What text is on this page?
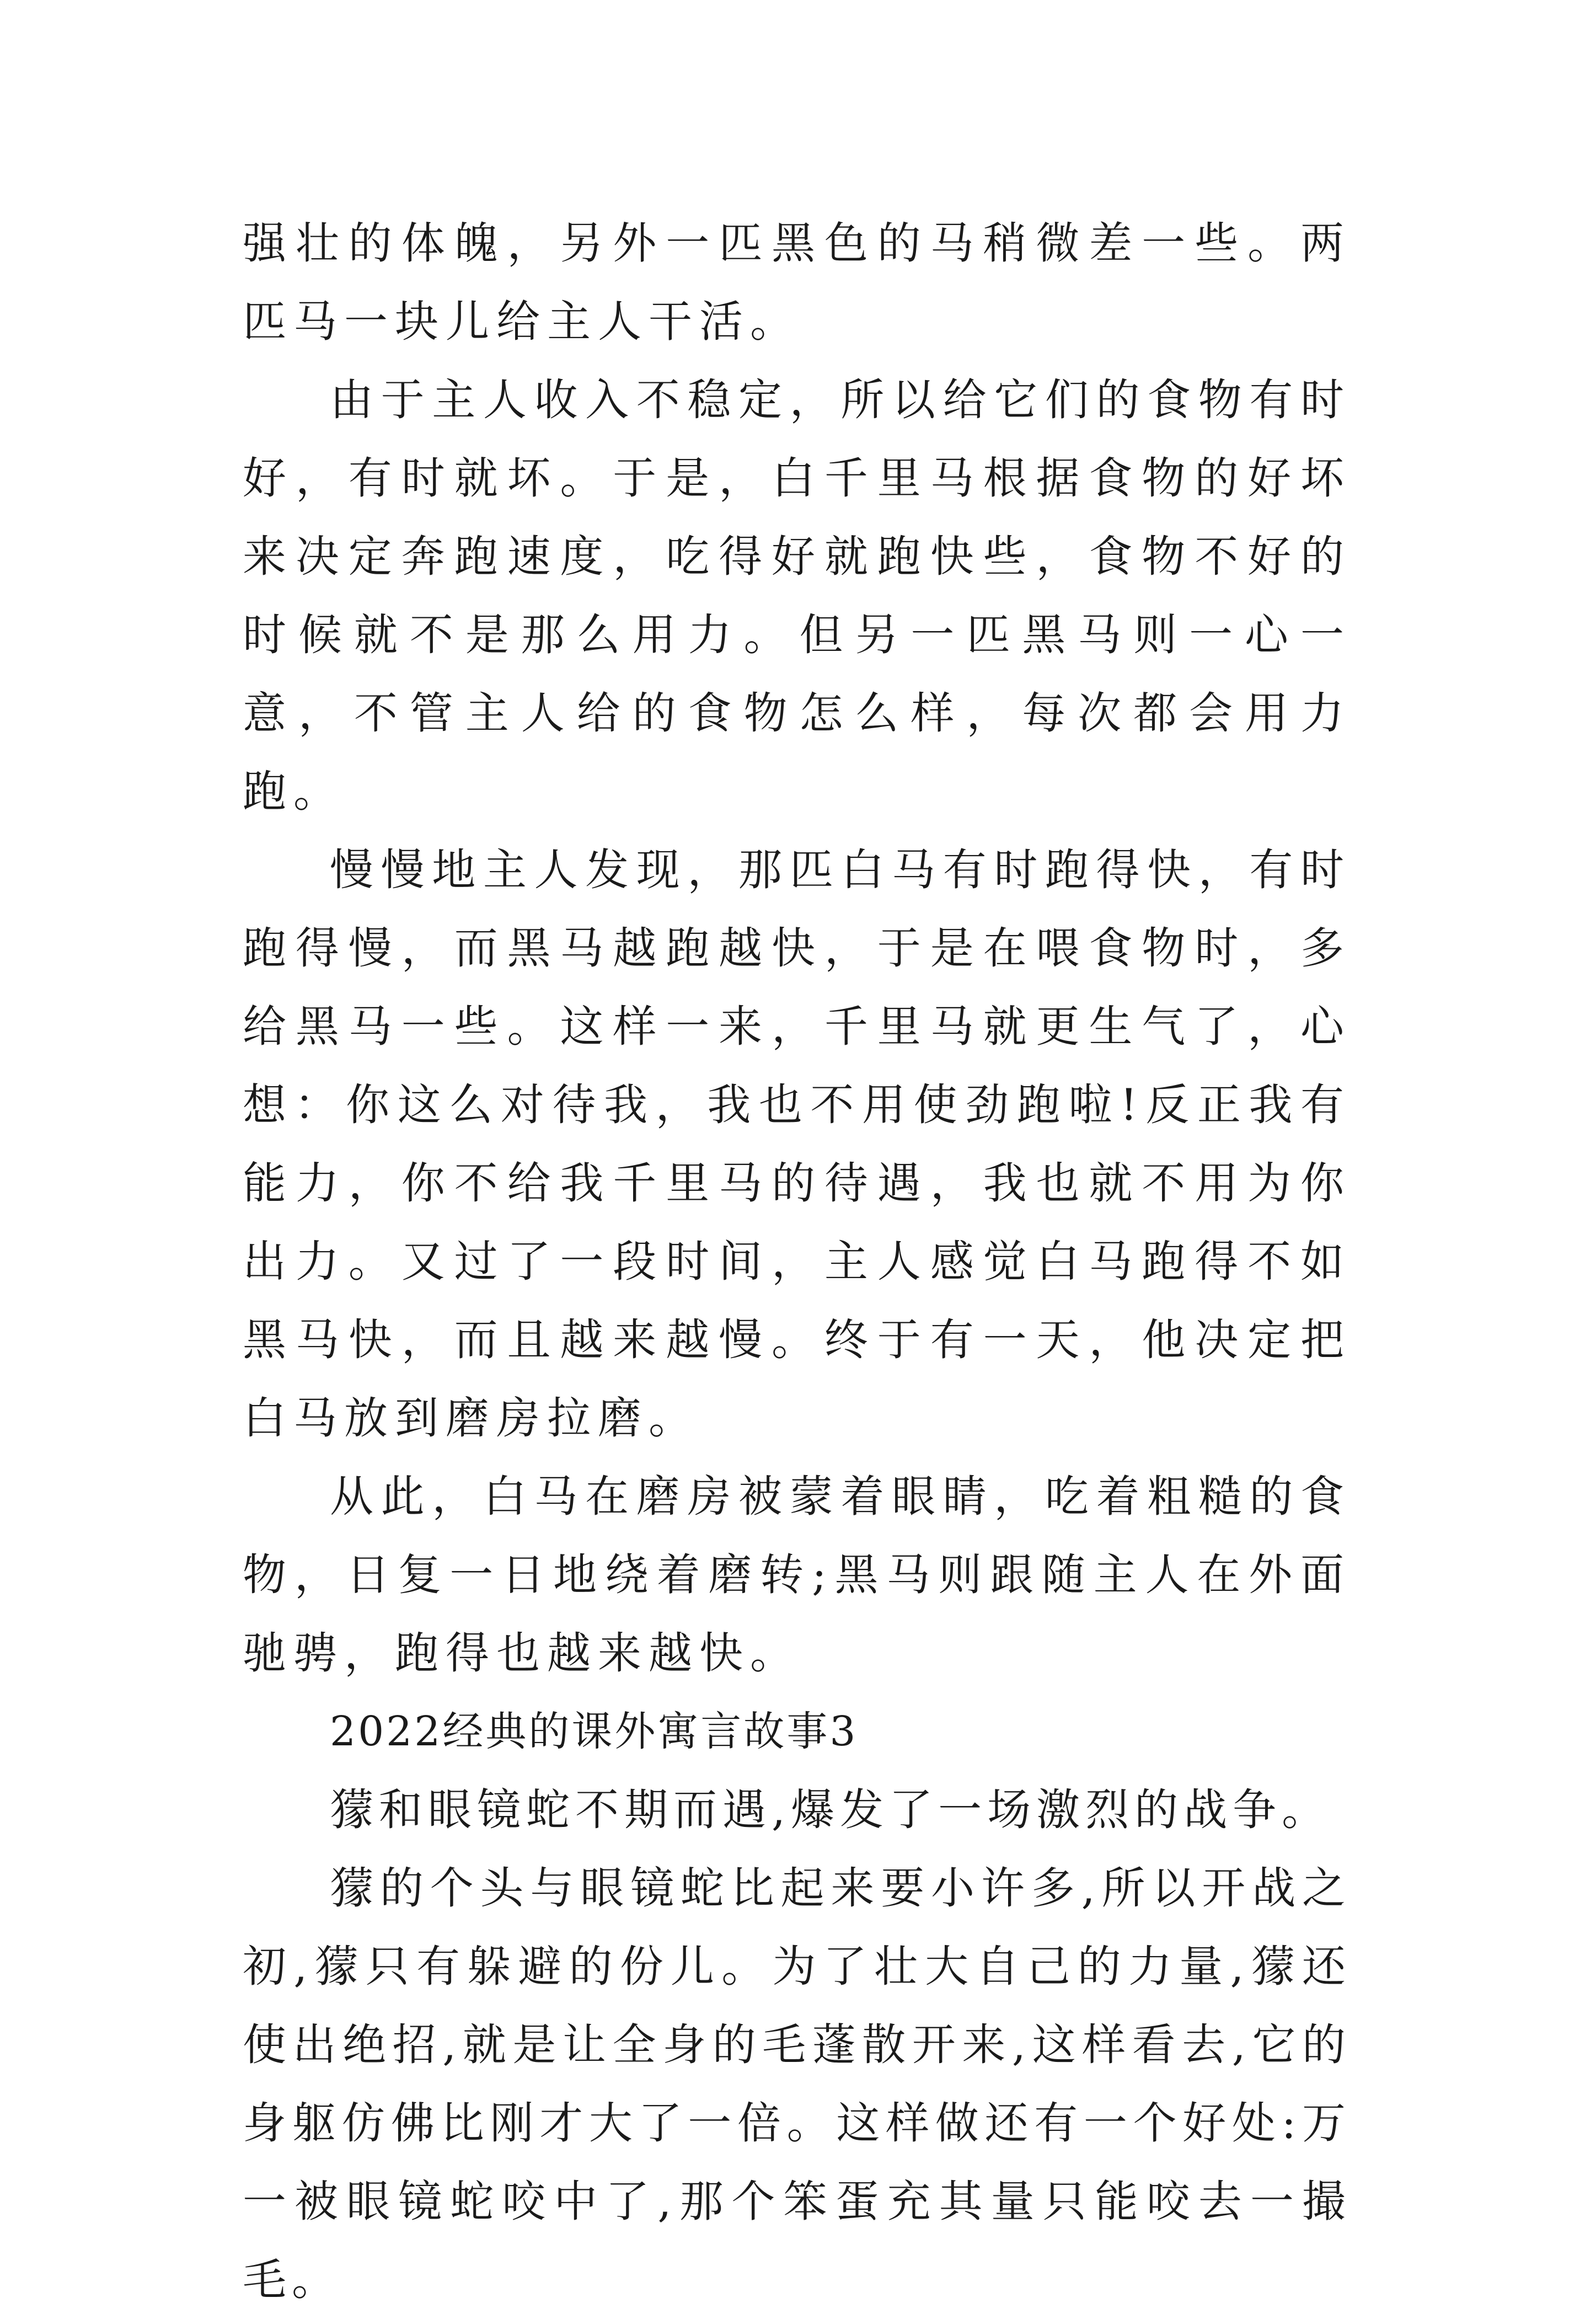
强壮的体魄，另外一匹黑色的马稍微差一些。两匹马一块儿给主人干活。

由于主人收入不稳定，所以给它们的食物有时好，有时就坏。于是，白千里马根据食物的好坏来决定奔跑速度，吃得好就跑快些，食物不好的时候就不是那么用力。但另一匹黑马则一心一意，不管主人给的食物怎么样，每次都会用力跑。

慢慢地主人发现，那匹白马有时跑得快，有时跑得慢，而黑马越跑越快，于是在喂食物时，多给黑马一些。这样一来，千里马就更生气了，心想：你这么对待我，我也不用使劲跑啦!反正我有能力，你不给我千里马的待遇，我也就不用为你出力。又过了一段时间，主人感觉白马跑得不如黑马快，而且越来越慢。终于有一天，他决定把白马放到磨房拉磨。

从此，白马在磨房被蒙着眼睛，吃着粗糙的食物，日复一日地绕着磨转;黑马则跟随主人在外面驰骋，跑得也越来越快。

2022经典的课外寓言故事3

獴和眼镜蛇不期而遇,爆发了一场激烈的战争。

獴的个头与眼镜蛇比起来要小许多,所以开战之初,獴只有躲避的份儿。为了壮大自己的力量,獴还使出绝招,就是让全身的毛蓬散开来,这样看去,它的身躯仿佛比刚才大了一倍。这样做还有一个好处:万一被眼镜蛇咬中了,那个笨蛋充其量只能咬去一撮毛。
